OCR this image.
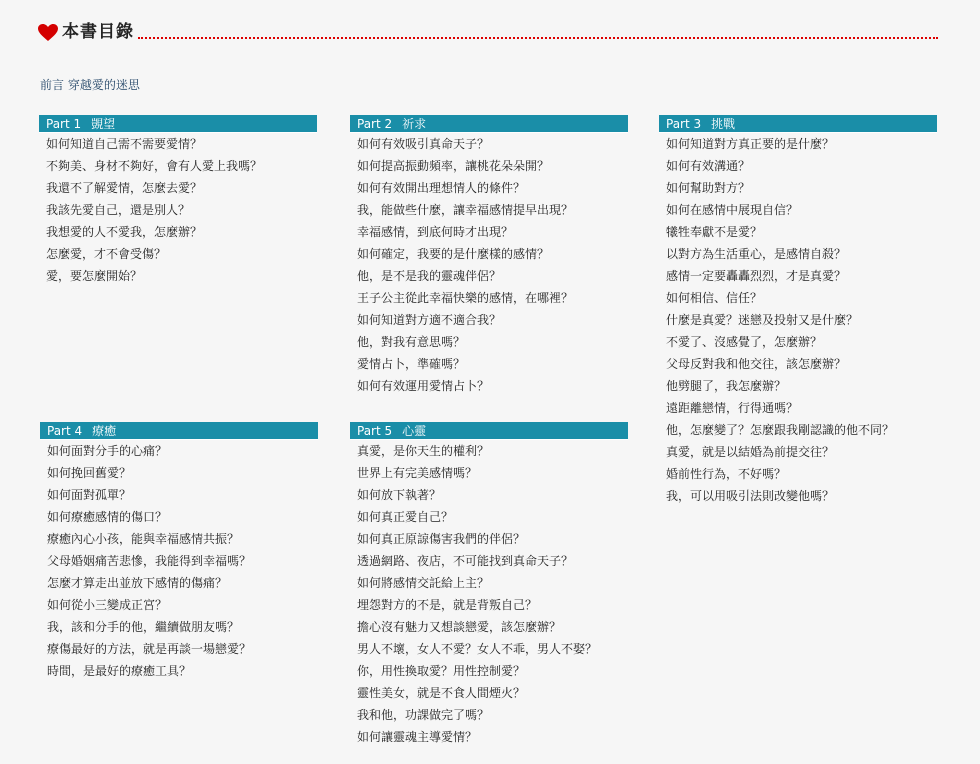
本書目錄
前言 穿越愛的迷思
Part 1 覬望
如何知道自己需不需要愛情？
不夠美、身材不夠好，會有人愛上我嗎？
我還不了解愛情，怎麼去愛？
我該先愛自己，還是別人？
我想愛的人不愛我，怎麼辦？
怎麼愛，才不會受傷？
愛，要怎麼開始？
Part 2 祈求
如何有效吸引真命天子？
如何提高振動頻率，讓桃花朵朵開？
如何有效開出理想情人的條件？
我，能做些什麼，讓幸福感情提早出現？
幸福感情，到底何時才出現？
如何確定，我要的是什麼樣的感情？
他，是不是我的靈魂伴侶？
王子公主從此幸福快樂的感情，在哪裡？
如何知道對方適不適合我？
他，對我有意思嗎？
愛情占卜，準確嗎？
如何有效運用愛情占卜？
Part 3 挑戰
如何知道對方真正要的是什麼？
如何有效溝通？
如何幫助對方？
如何在感情中展現自信？
犧牲奉獻不是愛？
以對方為生活重心，是感情自殺？
感情一定要轟轟烈烈，才是真愛？
如何相信、信任？
什麼是真愛？迷戀及投射又是什麼？
不愛了、沒感覺了，怎麼辦？
父母反對我和他交往，該怎麼辦？
他劈腿了，我怎麼辦？
遠距離戀情，行得通嗎？
他，怎麼變了？怎麼跟我剛認識的他不同？
真愛，就是以結婚為前提交往？
婚前性行為，不好嗎？
我，可以用吸引法則改變他嗎？
Part 4 療癒
如何面對分手的心痛？
如何挽回舊愛？
如何面對孤單？
如何療癒感情的傷口？
療癒內心小孩，能與幸福感情共振？
父母婚姻痛苦悲慘，我能得到幸福嗎？
怎麼才算走出並放下感情的傷痛？
如何從小三變成正宮？
我，該和分手的他，繼續做朋友嗎？
療傷最好的方法，就是再談一場戀愛？
時間，是最好的療癒工具？
Part 5 心靈
真愛，是你天生的權利？
世界上有完美感情嗎？
如何放下執著？
如何真正愛自己？
如何真正原諒傷害我們的伴侶？
透過網路、夜店，不可能找到真命天子？
如何將感情交託給上主？
埋怨對方的不是，就是背叛自己？
擔心沒有魅力又想談戀愛，該怎麼辦？
男人不壞，女人不愛？女人不乖，男人不娶？
你，用性換取愛？用性控制愛？
靈性美女，就是不食人間煙火？
我和他，功課做完了嗎？
如何讓靈魂主導愛情？
